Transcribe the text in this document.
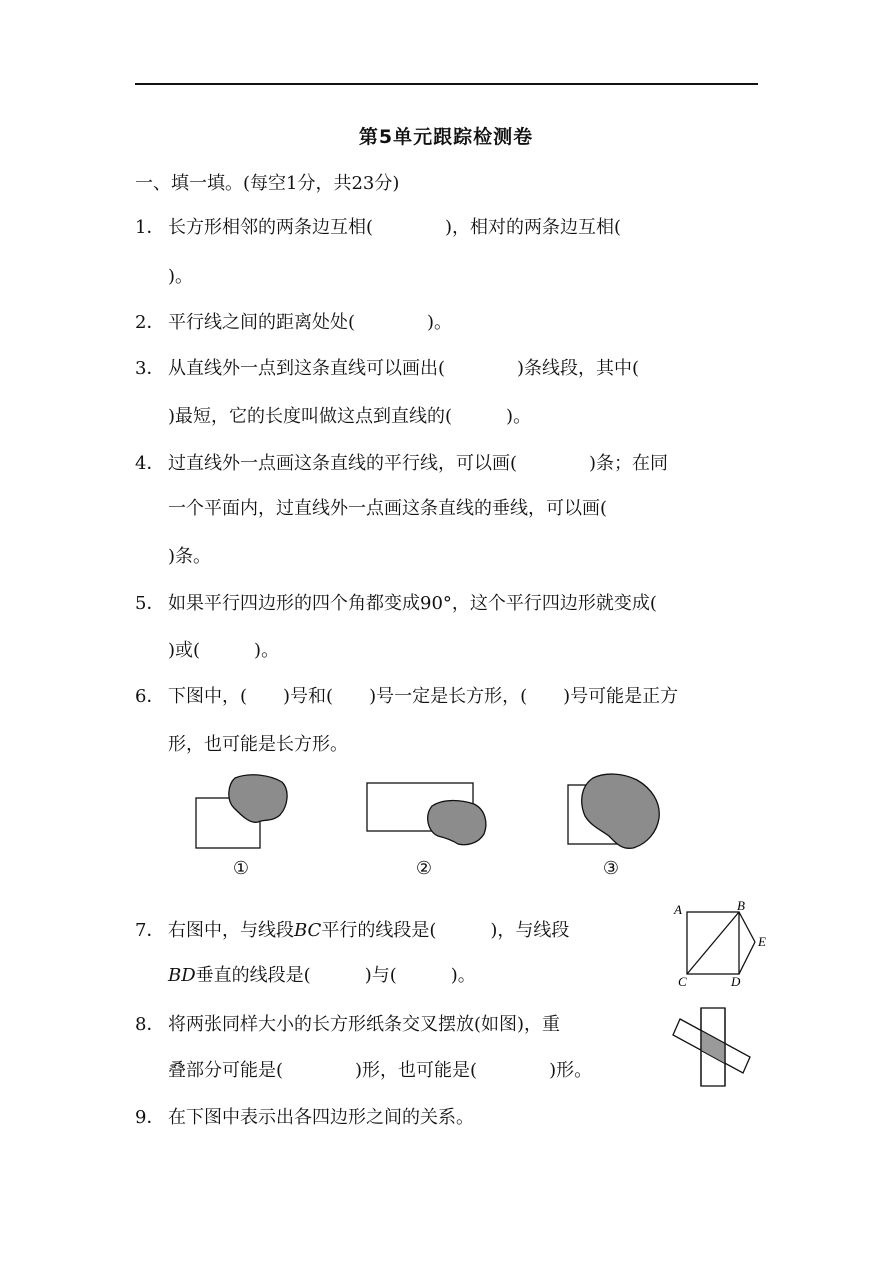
第5单元跟踪检测卷
一、填一填。(每空1分，共23分)
1． 长方形相邻的两条边互相(　　　　)，相对的两条边互相(
)。
2． 平行线之间的距离处处(　　　　)。
3． 从直线外一点到这条直线可以画出(　　　　)条线段，其中(
)最短，它的长度叫做这点到直线的(　　　)。
4． 过直线外一点画这条直线的平行线，可以画(　　　　)条；在同
一个平面内，过直线外一点画这条直线的垂线，可以画(
)条。
5． 如果平行四边形的四个角都变成90°，这个平行四边形就变成(
)或(　　　)。
6． 下图中，(　　)号和(　　)号一定是长方形，(　　)号可能是正方
形，也可能是长方形。
①	②	③
7． 右图中，与线段BC平行的线段是(　　　)，与线段
BD垂直的线段是(　　　)与(　　　)。
A	B
C	D
E
8． 将两张同样大小的长方形纸条交叉摆放(如图)，重
叠部分可能是(　　　　)形，也可能是(　　　　)形。
9． 在下图中表示出各四边形之间的关系。
